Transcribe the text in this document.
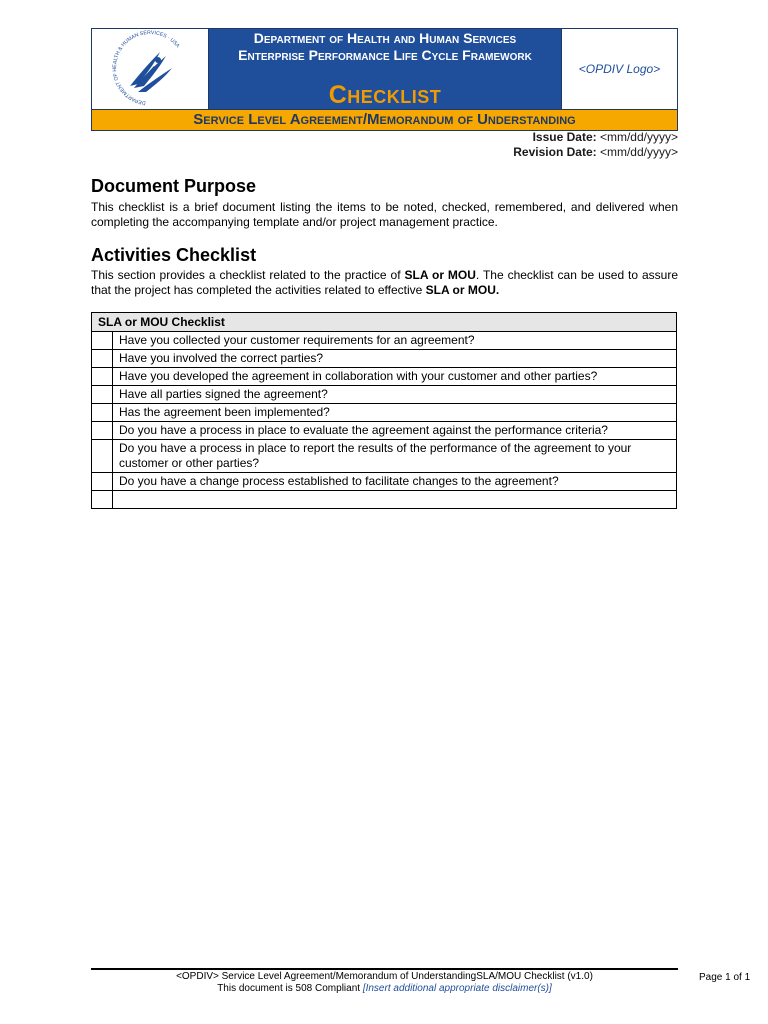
DEPARTMENT OF HEALTH & HUMAN SERVICES · USA	Department of Health and Human Services
Enterprise Performance Life Cycle Framework
Checklist
<OPDIV Logo>
Service Level Agreement/Memorandum of Understanding
Issue Date: <mm/dd/yyyy>
Revision Date: <mm/dd/yyyy>
Document Purpose

This checklist is a brief document listing the items to be noted, checked, remembered, and delivered when completing the accompanying template and/or project management practice.

Activities Checklist

This section provides a checklist related to the practice of SLA or MOU. The checklist can be used to assure that the project has completed the activities related to effective SLA or MOU.

SLA or MOU Checklist	
	Have you collected your customer requirements for an agreement?
	Have you involved the correct parties?
	Have you developed the agreement in collaboration with your customer and other parties?
	Have all parties signed the agreement?
	Has the agreement been implemented?
	Do you have a process in place to evaluate the agreement against the performance criteria?
	Do you have a process in place to report the results of the performance of the agreement to your customer or other parties?
	Do you have a change process established to facilitate changes to the agreement?

<OPDIV> Service Level Agreement/Memorandum of UnderstandingSLA/MOU Checklist (v1.0)
This document is 508 Compliant [Insert additional appropriate disclaimer(s)]
Page 1 of 1
